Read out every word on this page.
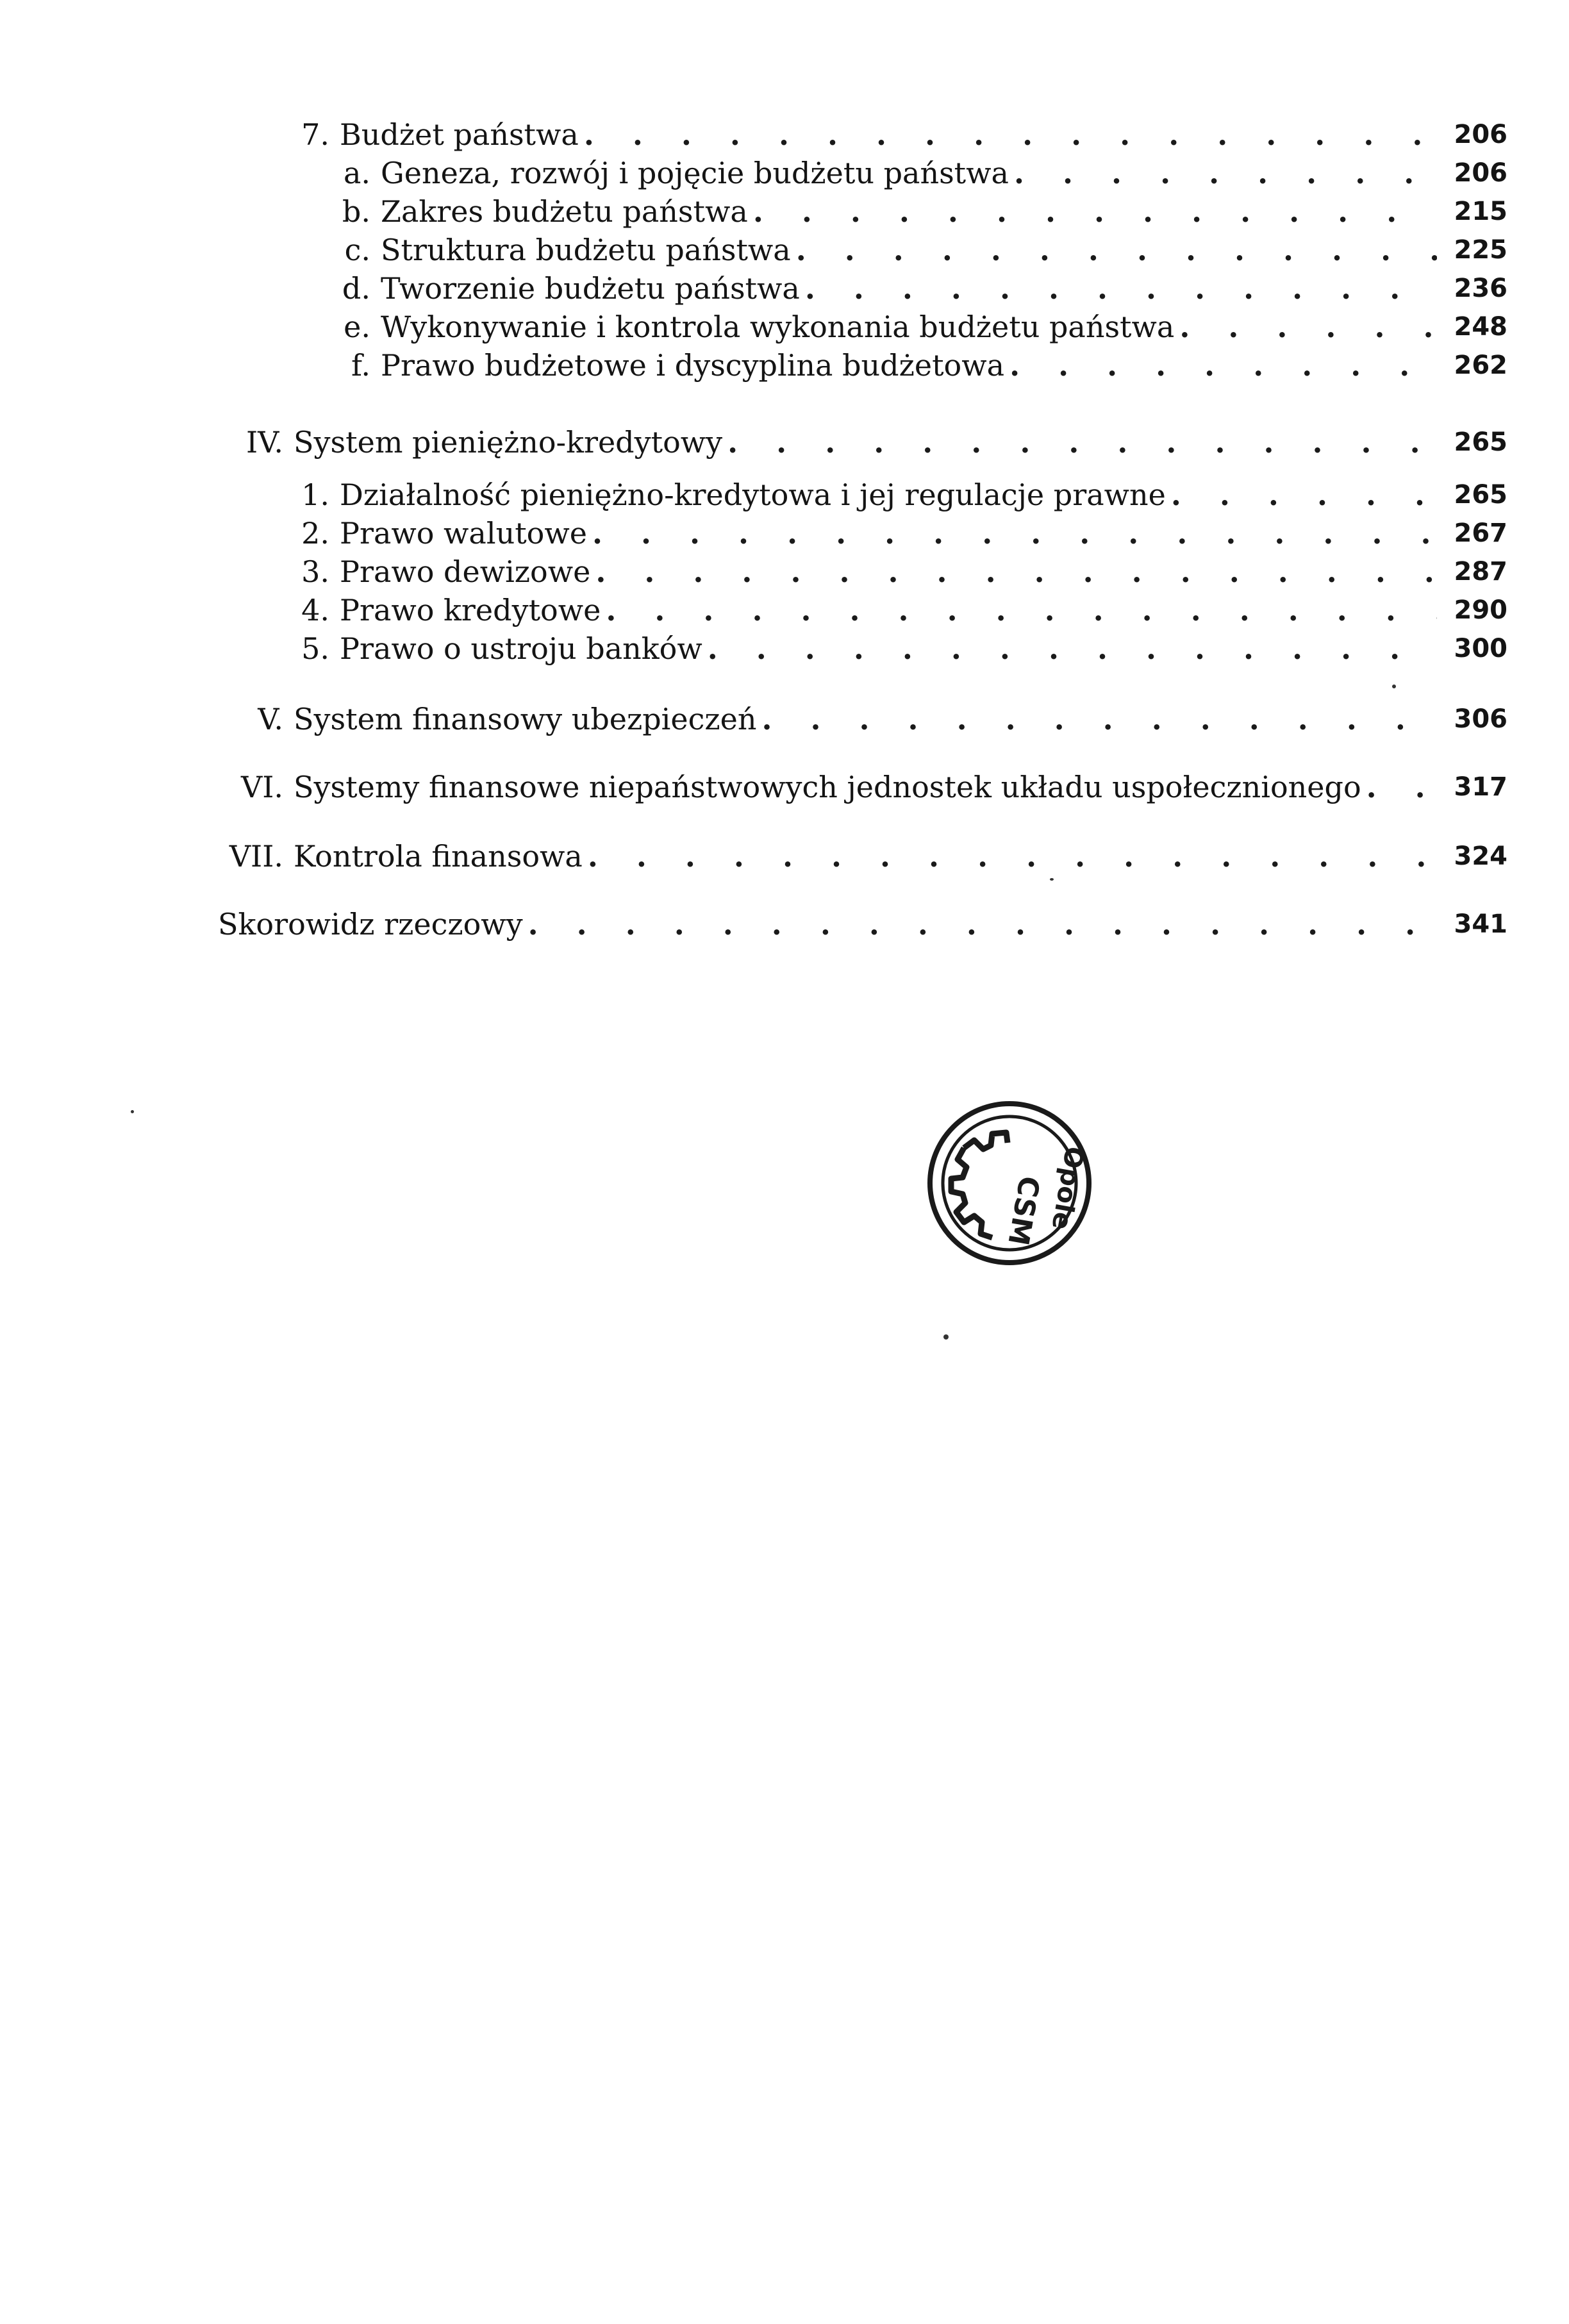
7. Budżet państwa . . .	206
a. Geneza, rozwój i pojęcie budżetu państwa . . .	206
b. Zakres budżetu państwa . . .	215
c. Struktura budżetu państwa . . .	225
d. Tworzenie budżetu państwa . . .	236
e. Wykonywanie i kontrola wykonania budżetu państwa . . .	248
f. Prawo budżetowe i dyscyplina budżetowa . . .	262
IV. System pieniężno-kredytowy . . .	265
1. Działalność pieniężno-kredytowa i jej regulacje prawne . . .	265
2. Prawo walutowe . . .	267
3. Prawo dewizowe . . .	287
4. Prawo kredytowe . . .	290
5. Prawo o ustroju banków . . .	300
V. System finansowy ubezpieczeń . . .	306
VI. Systemy finansowe niepaństwowych jednostek układu uspołecznionego . . .	317
VII. Kontrola finansowa . . .	324
Skorowidz rzeczowy . . .	341
CSM Opole
